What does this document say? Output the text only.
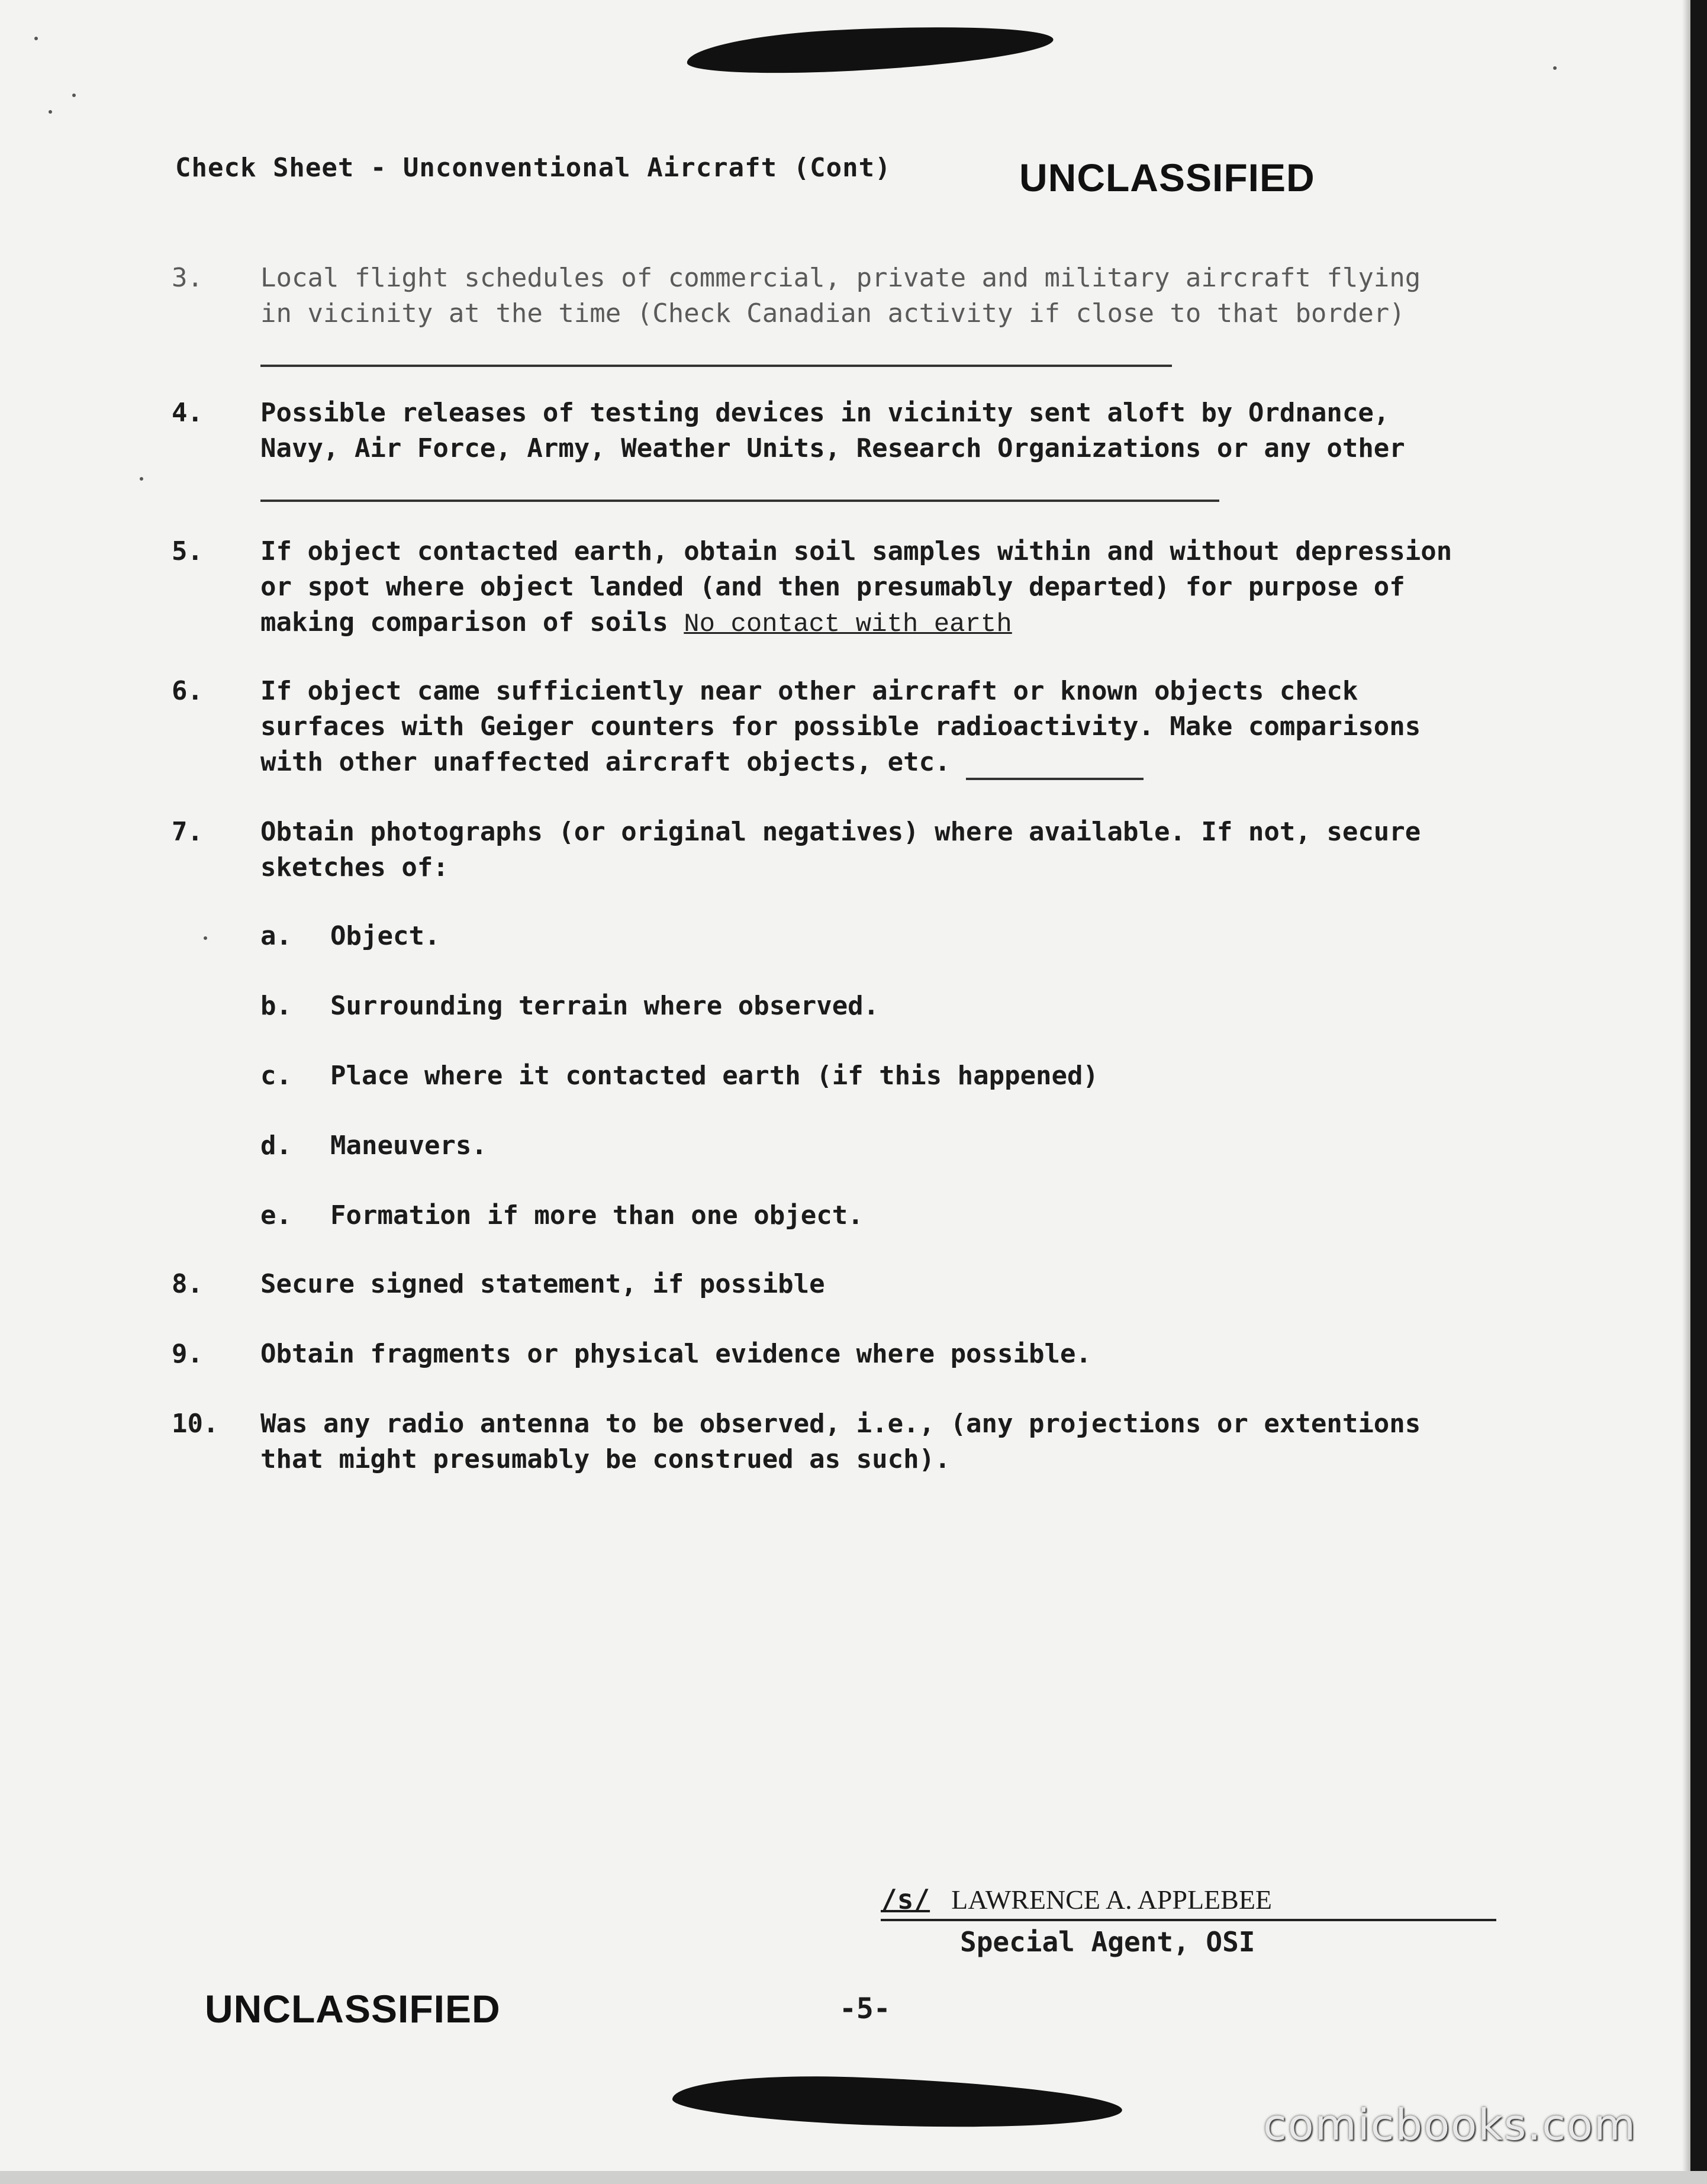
Check Sheet - Unconventional Aircraft (Cont)	UNCLASSIFIED
3.	Local flight schedules of commercial, private and military aircraft flying in vicinity at the time (Check Canadian activity if close to that border)
4.	Possible releases of testing devices in vicinity sent aloft by Ordnance, Navy, Air Force, Army, Weather Units, Research Organizations or any other
5.	If object contacted earth, obtain soil samples within and without depression or spot where object landed (and then presumably departed) for purpose of making comparison of soils No contact with earth
6.	If object came sufficiently near other aircraft or known objects check surfaces with Geiger counters for possible radioactivity. Make comparisons with other unaffected aircraft objects, etc.
7.	Obtain photographs (or original negatives) where available. If not, secure sketches of:
a. Object.
b. Surrounding terrain where observed.
c. Place where it contacted earth (if this happened)
d. Maneuvers.
e. Formation if more than one object.
8.	Secure signed statement, if possible
9.	Obtain fragments or physical evidence where possible.
10.	Was any radio antenna to be observed, i.e., (any projections or extentions that might presumably be construed as such).
/s/ LAWRENCE A. APPLEBEE
Special Agent, OSI
UNCLASSIFIED	-5-
comicbooks.com
